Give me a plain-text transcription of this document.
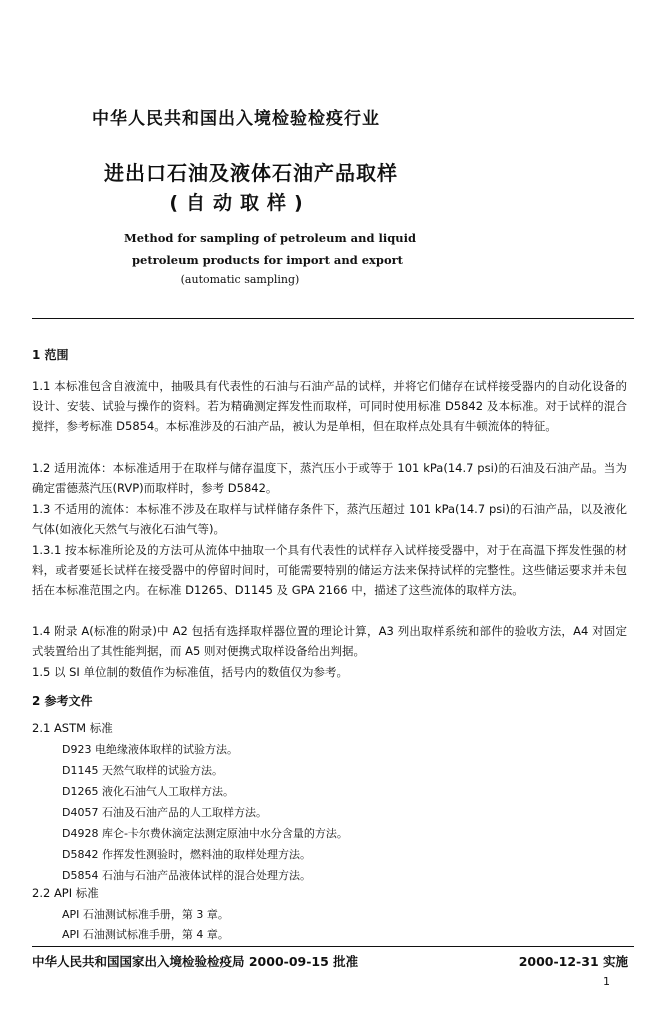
中华人民共和国出入境检验检疫行业
进出口石油及液体石油产品取样
(自动取样)
Method for sampling of petroleum and liquid
petroleum products for import and export
(automatic sampling)
1 范围
1.1 本标准包含自液流中，抽吸具有代表性的石油与石油产品的试样，并将它们储存在试样接受器内的自动化设备的设计、安装、试验与操作的资料。若为精确测定挥发性而取样，可同时使用标准 D5842 及本标准。对于试样的混合搅拌，参考标准 D5854。本标准涉及的石油产品，被认为是单相，但在取样点处具有牛顿流体的特征。
1.2 适用流体：本标准适用于在取样与储存温度下，蒸汽压小于或等于 101 kPa(14.7 psi)的石油及石油产品。当为确定雷德蒸汽压(RVP)而取样时，参考 D5842。
1.3 不适用的流体：本标准不涉及在取样与试样储存条件下，蒸汽压超过 101 kPa(14.7 psi)的石油产品，以及液化气体(如液化天然气与液化石油气等)。
1.3.1 按本标准所论及的方法可从流体中抽取一个具有代表性的试样存入试样接受器中，对于在高温下挥发性强的材料，或者要延长试样在接受器中的停留时间时，可能需要特别的储运方法来保持试样的完整性。这些储运要求并未包括在本标准范围之内。在标准 D1265、D1145 及 GPA 2166 中，描述了这些流体的取样方法。
1.4 附录 A(标准的附录)中 A2 包括有选择取样器位置的理论计算，A3 列出取样系统和部件的验收方法，A4 对固定式装置给出了其性能判据，而 A5 则对便携式取样设备给出判据。
1.5 以 SI 单位制的数值作为标准值，括号内的数值仅为参考。
2 参考文件
2.1 ASTM 标准
D923 电绝缘液体取样的试验方法。
D1145 天然气取样的试验方法。
D1265 液化石油气人工取样方法。
D4057 石油及石油产品的人工取样方法。
D4928 库仑-卡尔费休滴定法测定原油中水分含量的方法。
D5842 作挥发性测验时，燃料油的取样处理方法。
D5854 石油与石油产品液体试样的混合处理方法。
2.2 API 标准
API 石油测试标准手册，第 3 章。
API 石油测试标准手册，第 4 章。
中华人民共和国国家出入境检验检疫局 2000-09-15 批准	2000-12-31 实施
1
